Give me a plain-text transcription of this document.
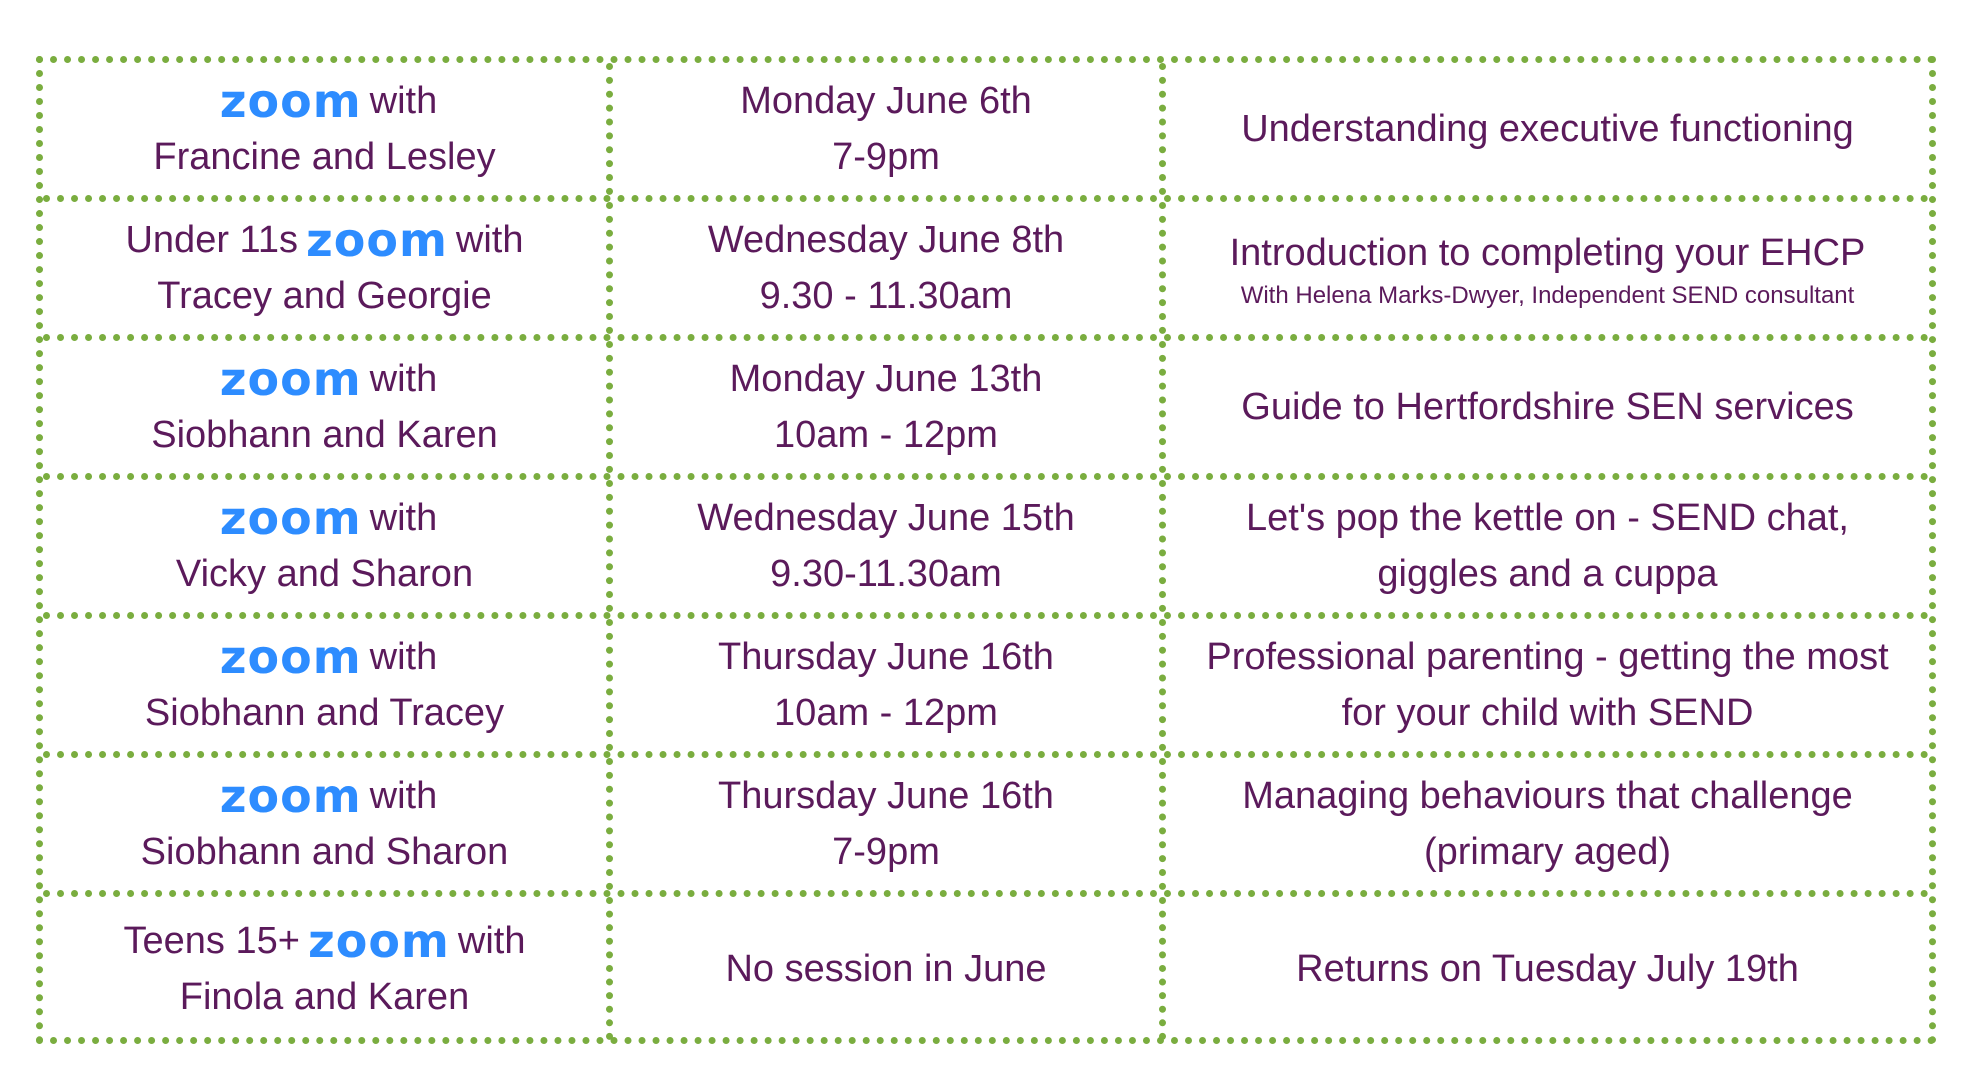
zoom with
Francine and Lesley
Monday June 6th
7-9pm
Understanding executive functioning
Under 11s zoom with
Tracey and Georgie
Wednesday June 8th
9.30 - 11.30am
Introduction to completing your EHCP
With Helena Marks-Dwyer, Independent SEND consultant
zoom with
Siobhann and Karen
Monday June 13th
10am - 12pm
Guide to Hertfordshire SEN services
zoom with
Vicky and Sharon
Wednesday June 15th
9.30-11.30am
Let's pop the kettle on - SEND chat,
giggles and a cuppa
zoom with
Siobhann and Tracey
Thursday June 16th
10am - 12pm
Professional parenting - getting the most
for your child with SEND
zoom with
Siobhann and Sharon
Thursday June 16th
7-9pm
Managing behaviours that challenge
(primary aged)
Teens 15+ zoom with
Finola and Karen
No session in June	Returns on Tuesday July 19th
